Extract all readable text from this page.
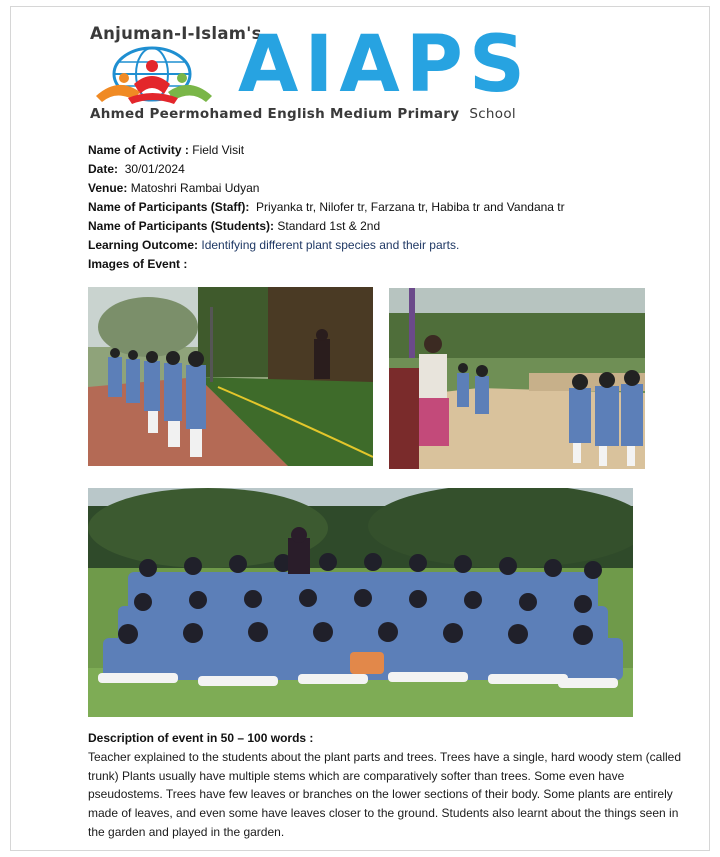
Anjuman-I-Islam's
AIAPS
Ahmed Peermohamed English Medium Primary School
Name of Activity : Field Visit
Date: 30/01/2024
Venue: Matoshri Rambai Udyan
Name of Participants (Staff): Priyanka tr, Nilofer tr, Farzana tr, Habiba tr and Vandana tr
Name of Participants (Students): Standard 1st & 2nd
Learning Outcome: Identifying different plant species and their parts.
Images of Event :
Description of event in 50 – 100 words :
Teacher explained to the students about the plant parts and trees. Trees have a single, hard woody stem (called trunk) Plants usually have multiple stems which are comparatively softer than trees. Some even have pseudostems. Trees have few leaves or branches on the lower sections of their body. Some plants are entirely made of leaves, and even some have leaves closer to the ground. Students also learnt about the things seen in the garden and played in the garden.
